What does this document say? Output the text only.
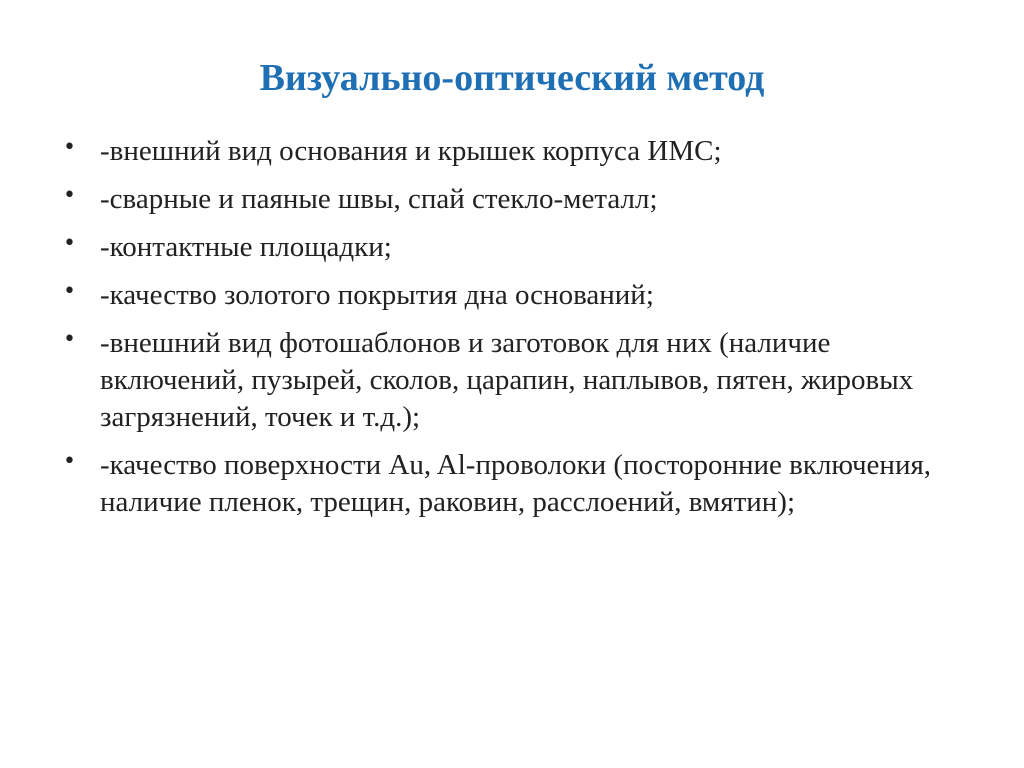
Визуально-оптический метод
• -внешний вид основания и крышек корпуса ИМС;
• -сварные и паяные швы, спай стекло-металл;
• -контактные площадки;
• -качество золотого покрытия дна оснований;
• -внешний вид фотошаблонов и заготовок для них (наличие включений, пузырей, сколов, царапин, наплывов, пятен, жировых загрязнений, точек и т.д.);
• -качество поверхности Au, Al-проволоки (посторонние включения, наличие пленок, трещин, раковин, расслоений, вмятин);
